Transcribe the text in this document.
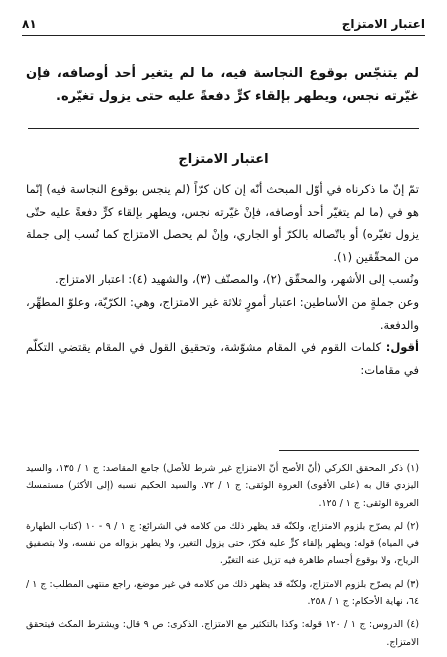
اعتبار الامتزاج
٨١
لم يتنجّس بوقوع النجاسة فيه، ما لم يتغير أحد أوصافه، فإن غيّرته نجس، ويطهر بإلقاء كرٍّ دفعةً عليه حتى يزول تغيّره.
اعتبار الامتزاج

تمّ إنّ ما ذكرناه في أوّل المبحث أنّه إن كان كرّاً (لم ينجس بوقوع النجاسة فيه) إنّما هو في (ما لم يتغيّر أحد أوصافه، فإنْ غيّرته نجس، ويطهر بإلقاء كرٍّ دفعةً عليه حتّى يزول تغيّره) أو باتّصاله بالكرّ أو الجاري، وإنْ لم يحصل الامتزاج كما نُسب إلى جملة من المحقّقين (١).

ونُسب إلى الأشهر، والمحقّق (٢)، والمصنّف (٣)، والشهيد (٤): اعتبار الامتزاج.

وعن جملةٍ من الأساطين: اعتبار أمورٍ ثلاثة غير الامتزاج، وهي: الكرّيّة، وعلوّ المطهِّر، والدفعة.

أقول: كلمات القوم في المقام مشوّشة، وتحقيق القول في المقام يقتضي التكلّم في مقامات:

(١) ذكر المحقق الكركي (أنّ الأصح أنّ الامتزاج غير شرط للأصل) جامع المقاصد: ج ١ / ١٣٥، والسيد اليزدي قال به (على الأقوى) العروة الوثقى: ج ١ / ٧٢. والسيد الحكيم نسبه (إلى الأكثر) مستمسك العروة الوثقى: ج ١ / ١٢٥.

(٢) لم يصرّح بلزوم الامتزاج، ولكنّه قد يظهر ذلك من كلامه في الشرائع: ج ١ / ٩ - ١٠ (كتاب الطهارة في المياه) قوله: ويطهر بإلقاء كرٍّ عليه فكرّ، حتى يزول التغير، ولا يطهر بزواله من نفسه، ولا بتصفيق الرياح، ولا بوقوع أجسام طاهرة فيه تزيل عنه التغيّر.

(٣) لم يصرّح بلزوم الامتزاج، ولكنّه قد يظهر ذلك من كلامه في غير موضع، راجع منتهى المطلب: ج ١ / ٦٤، نهاية الأحكام: ج ١ / ٢٥٨.

(٤) الدروس: ج ١ / ١٢٠ قوله: وكذا بالتكثير مع الامتزاج. الذكرى: ص ٩ قال: ويشترط المكث فيتحقق الامتزاج.
